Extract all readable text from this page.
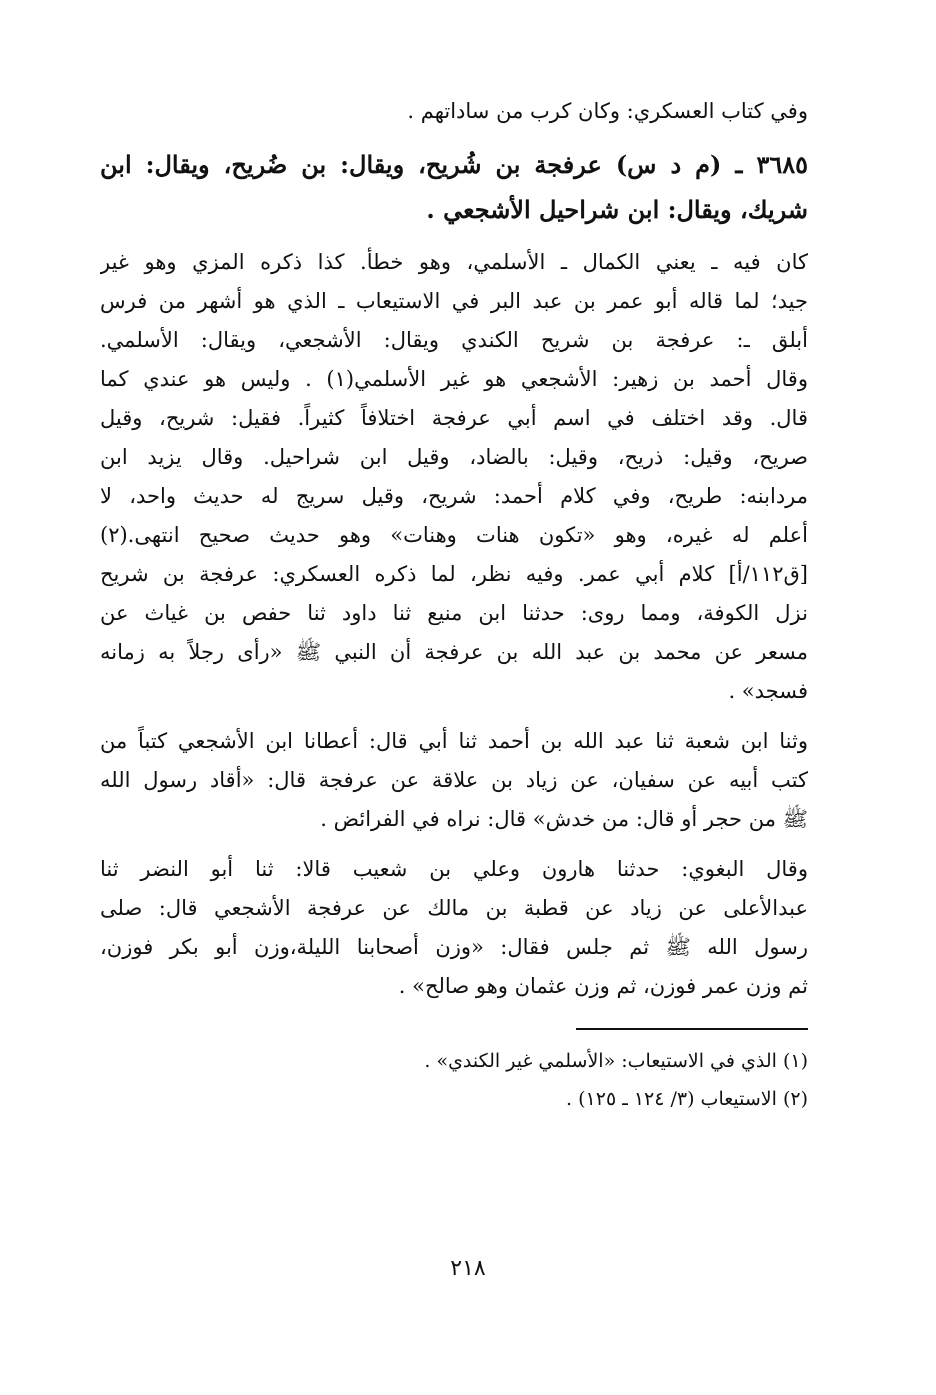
وفي كتاب العسكري: وكان كرب من ساداتهم .
٣٦٨٥ ـ (م د س) عرفجة بن شُريح، ويقال: بن ضُريح، ويقال: ابن
شريك، ويقال: ابن شراحيل الأشجعي .
كان فيه ـ يعني الكمال ـ الأسلمي، وهو خطأ. كذا ذكره المزي وهو غير
جيد؛ لما قاله أبو عمر بن عبد البر في الاستيعاب ـ الذي هو أشهر من فرس
أبلق ـ: عرفجة بن شريح الكندي ويقال: الأشجعي، ويقال: الأسلمي.
وقال أحمد بن زهير: الأشجعي هو غير الأسلمي(١) . وليس هو عندي كما
قال. وقد اختلف في اسم أبي عرفجة اختلافاً كثيراً. فقيل: شريح، وقيل
صريح، وقيل: ذريح، وقيل: بالضاد، وقيل ابن شراحيل. وقال يزيد ابن
مردابنه: طريح، وفي كلام أحمد: شريح، وقيل سريج له حديث واحد، لا
أعلم له غيره، وهو «تكون هنات وهنات» وهو حديث صحيح انتهى.(٢)
[ق١١٢/أ] كلام أبي عمر. وفيه نظر، لما ذكره العسكري: عرفجة بن شريح
نزل الكوفة، ومما روى: حدثنا ابن منيع ثنا داود ثنا حفص بن غياث عن
مسعر عن محمد بن عبد الله بن عرفجة أن النبي ﷺ «رأى رجلاً به زمانه
فسجد» .
وثنا ابن شعبة ثنا عبد الله بن أحمد ثنا أبي قال: أعطانا ابن الأشجعي كتباً من
كتب أبيه عن سفيان، عن زياد بن علاقة عن عرفجة قال: «أقاد رسول الله
ﷺ من حجر أو قال: من خدش» قال: نراه في الفرائض .
وقال البغوي: حدثنا هارون وعلي بن شعيب قالا: ثنا أبو النضر ثنا
عبدالأعلى عن زياد عن قطبة بن مالك عن عرفجة الأشجعي قال: صلى
رسول الله ﷺ ثم جلس فقال: «وزن أصحابنا الليلة،وزن أبو بكر فوزن،
ثم وزن عمر فوزن، ثم وزن عثمان وهو صالح» .
(١) الذي في الاستيعاب: «الأسلمي غير الكندي» .
(٢) الاستيعاب (٣/ ١٢٤ ـ ١٢٥) .
٢١٨
